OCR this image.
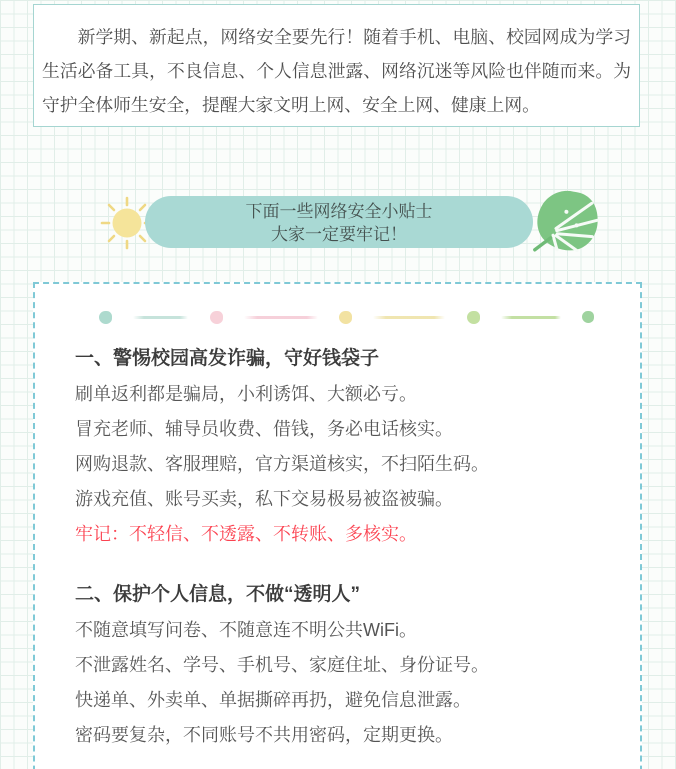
新学期、新起点，网络安全要先行！随着手机、电脑、校园网成为学习生活必备工具，不良信息、个人信息泄露、网络沉迷等风险也伴随而来。为守护全体师生安全，提醒大家文明上网、安全上网、健康上网。

下面一些网络安全小贴士
大家一定要牢记！
一、警惕校园高发诈骗，守好钱袋子

刷单返利都是骗局，小利诱饵、大额必亏。

冒充老师、辅导员收费、借钱，务必电话核实。

网购退款、客服理赔，官方渠道核实，不扫陌生码。

游戏充值、账号买卖，私下交易极易被盗被骗。

牢记：不轻信、不透露、不转账、多核实。

二、保护个人信息，不做“透明人”

不随意填写问卷、不随意连不明公共WiFi。

不泄露姓名、学号、手机号、家庭住址、身份证号。

快递单、外卖单、单据撕碎再扔，避免信息泄露。

密码要复杂，不同账号不共用密码，定期更换。
